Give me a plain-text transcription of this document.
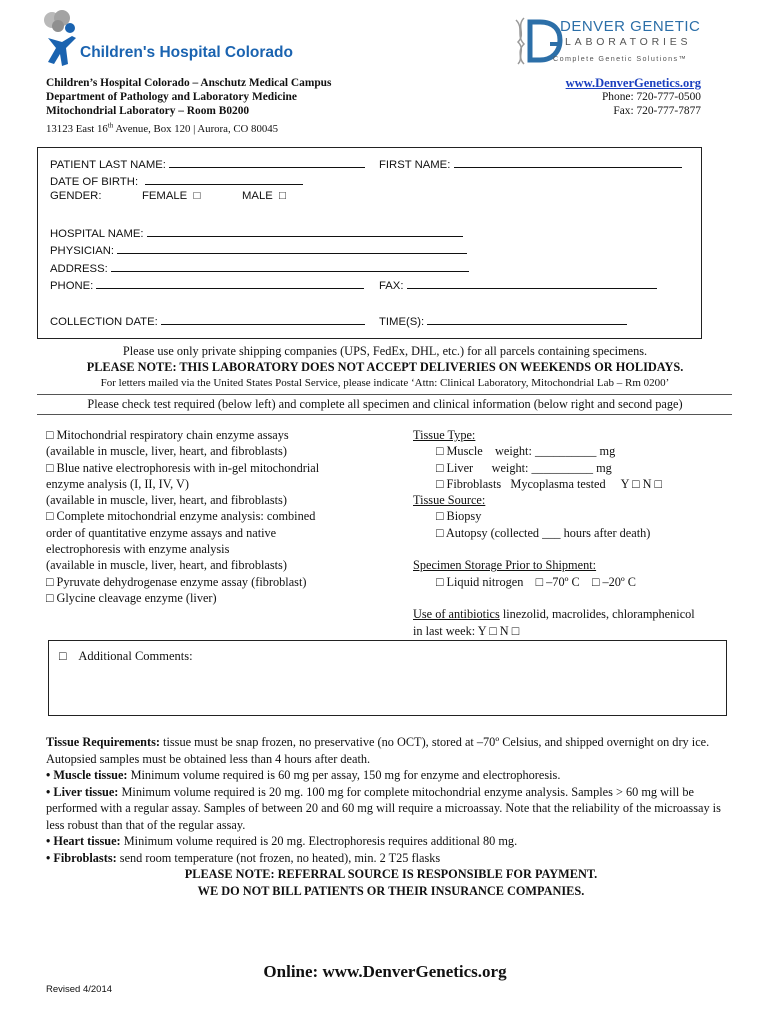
Children's Hospital Colorado
DENVER GENETIC
LABORATORIES
Complete Genetic Solutions™
Children’s Hospital Colorado – Anschutz Medical Campus
Department of Pathology and Laboratory Medicine
Mitochondrial Laboratory – Room B0200
13123 East 16th Avenue, Box 120 | Aurora, CO 80045
www.DenverGenetics.org
Phone: 720-777-0500
Fax: 720-777-7877
PATIENT LAST NAME:	FIRST NAME:
DATE OF BIRTH:
GENDER:	FEMALE □	MALE □
HOSPITAL NAME:
PHYSICIAN:
ADDRESS:
PHONE:	FAX:
COLLECTION DATE:	TIME(S):
Please use only private shipping companies (UPS, FedEx, DHL, etc.) for all parcels containing specimens.
PLEASE NOTE: THIS LABORATORY DOES NOT ACCEPT DELIVERIES ON WEEKENDS OR HOLIDAYS.
For letters mailed via the United States Postal Service, please indicate ‘Attn: Clinical Laboratory, Mitochondrial Lab – Rm 0200’
Please check test required (below left) and complete all specimen and clinical information (below right and second page)
□ Mitochondrial respiratory chain enzyme assays
(available in muscle, liver, heart, and fibroblasts)
□ Blue native electrophoresis with in-gel mitochondrial
enzyme analysis (I, II, IV, V)
(available in muscle, liver, heart, and fibroblasts)
□ Complete mitochondrial enzyme analysis: combined
order of quantitative enzyme assays and native
electrophoresis with enzyme analysis
(available in muscle, liver, heart, and fibroblasts)
□ Pyruvate dehydrogenase enzyme assay (fibroblast)
□ Glycine cleavage enzyme (liver)
Tissue Type:
□ Muscle    weight: __________ mg
□ Liver      weight: __________ mg
□ Fibroblasts   Mycoplasma tested     Y □ N □
Tissue Source:
□ Biopsy
□ Autopsy (collected ___ hours after death)
Specimen Storage Prior to Shipment:
□ Liquid nitrogen    □ –70º C    □ –20º C
Use of antibiotics linezolid, macrolides, chloramphenicol
in last week: Y □ N □
□    Additional Comments:

Tissue Requirements: tissue must be snap frozen, no preservative (no OCT), stored at –70º Celsius, and shipped overnight on dry ice. Autopsied samples must be obtained less than 4 hours after death.

• Muscle tissue: Minimum volume required is 60 mg per assay, 150 mg for enzyme and electrophoresis.

• Liver tissue: Minimum volume required is 20 mg. 100 mg for complete mitochondrial enzyme analysis. Samples > 60 mg will be performed with a regular assay. Samples of between 20 and 60 mg will require a microassay. Note that the reliability of the microassay is less robust than that of the regular assay.

• Heart tissue: Minimum volume required is 20 mg. Electrophoresis requires additional 80 mg.

• Fibroblasts: send room temperature (not frozen, no heated), min. 2 T25 flasks

PLEASE NOTE: REFERRAL SOURCE IS RESPONSIBLE FOR PAYMENT.

WE DO NOT BILL PATIENTS OR THEIR INSURANCE COMPANIES.

Online: www.DenverGenetics.org
Revised 4/2014
